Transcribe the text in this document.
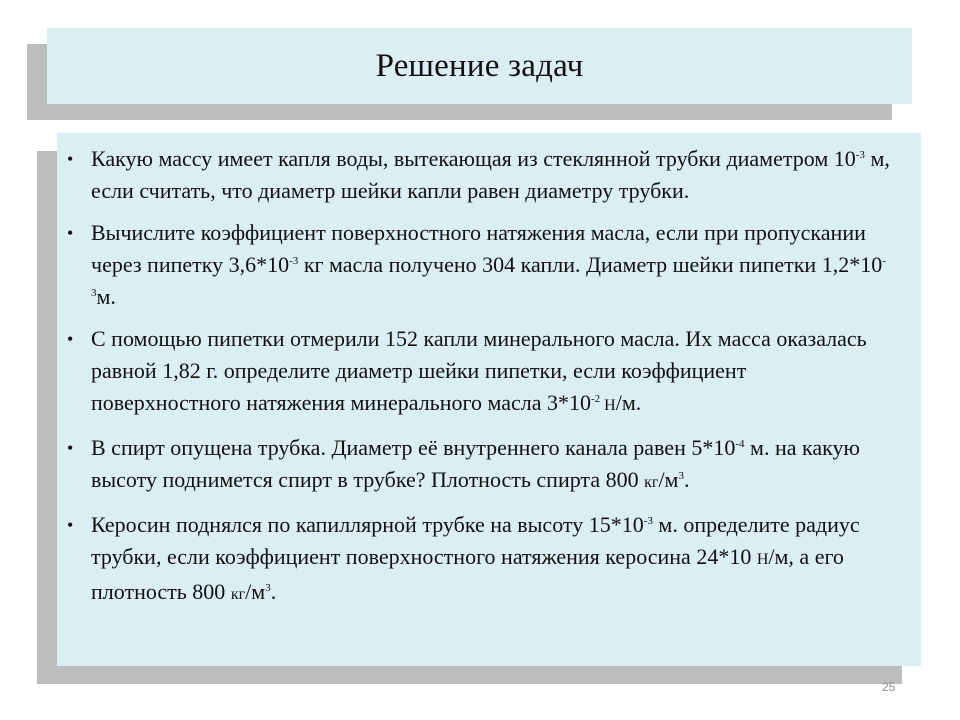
Решение задач
• Какую массу имеет капля воды, вытекающая из стеклянной трубки диаметром $10^{-3}$ м, если считать, что диаметр шейки капли равен диаметру трубки.
• Вычислите коэффициент поверхностного натяжения масла, если при пропускании через пипетку $3,6*10^{-3}$ кг масла получено 304 капли. Диаметр шейки пипетки $1,2*10^{-3}м$.
• С помощью пипетки отмерили 152 капли минерального масла. Их масса оказалась равной 1,82 г. определите диаметр шейки пипетки, если коэффициент поверхностного натяжения минерального масла $3*10^{-2}$ Н/м.
• В спирт опущена трубка. Диаметр её внутреннего канала равен $5*10^{-4}$ м. на какую высоту поднимется спирт в трубке? Плотность спирта 800 $кг/м^3$.
• Керосин поднялся по капиллярной трубке на высоту $15*10^{-3}$ м. определите радиус трубки, если коэффициент поверхностного натяжения керосина 24*10 Н/м, а его плотность 800 $кг/м^3$.
25
